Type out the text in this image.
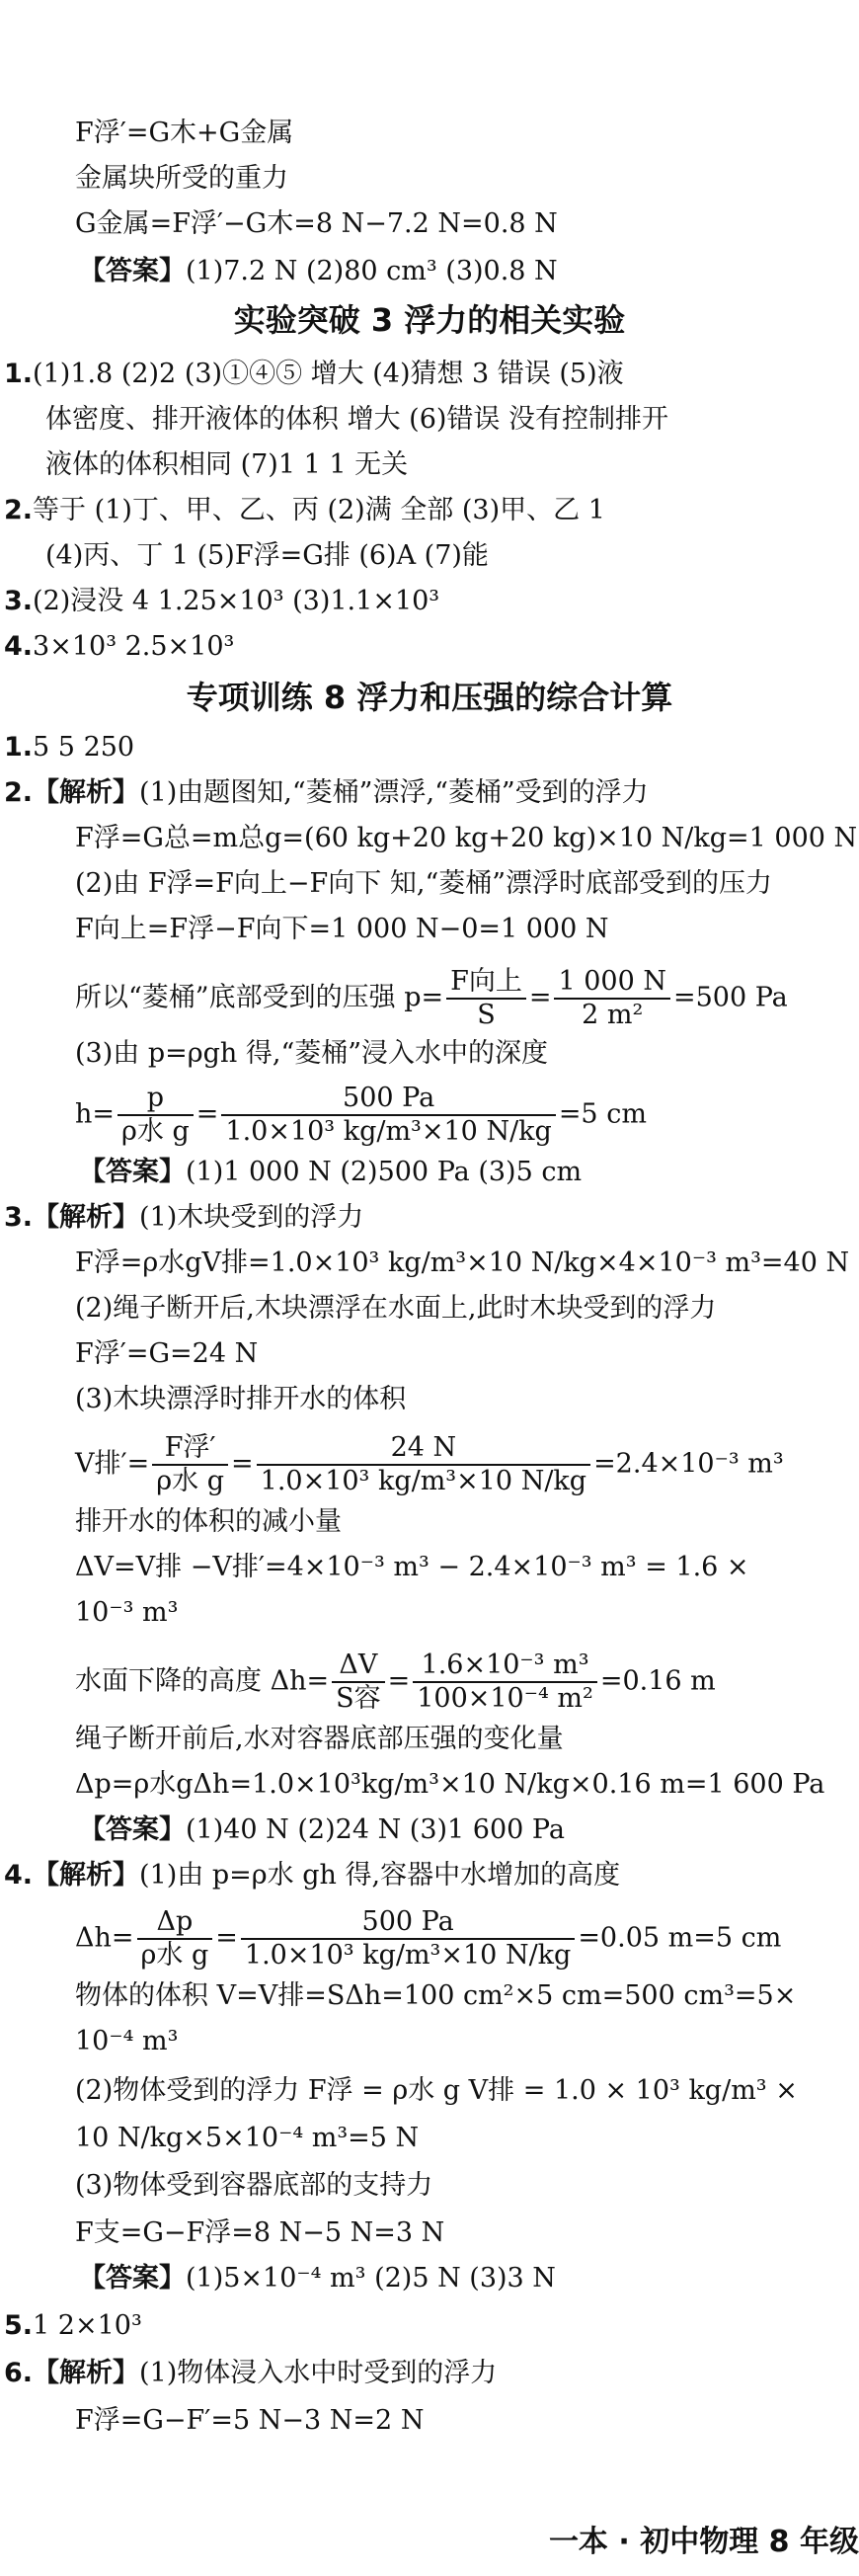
F浮′=G木+G金属
金属块所受的重力
G金属=F浮′−G木=8 N−7.2 N=0.8 N
【答案】(1)7.2 N (2)80 cm³ (3)0.8 N
实验突破 3 浮力的相关实验
1.(1)1.8 (2)2 (3)①④⑤ 增大 (4)猜想 3 错误 (5)液
体密度、排开液体的体积 增大 (6)错误 没有控制排开
液体的体积相同 (7)1 1 1 无关
2.等于 (1)丁、甲、乙、丙 (2)满 全部 (3)甲、乙 1
(4)丙、丁 1 (5)F浮=G排 (6)A (7)能
3.(2)浸没 4 1.25×10³ (3)1.1×10³
4.3×10³ 2.5×10³
专项训练 8 浮力和压强的综合计算
1.5 5 250
2.【解析】(1)由题图知,“菱桶”漂浮,“菱桶”受到的浮力
F浮=G总=m总g=(60 kg+20 kg+20 kg)×10 N/kg=1 000 N
(2)由 F浮=F向上−F向下 知,“菱桶”漂浮时底部受到的压力
F向上=F浮−F向下=1 000 N−0=1 000 N
所以“菱桶”底部受到的压强 $p= \frac{\text{F向上}}{S} = \frac{1 000 N}{\text{2 m²}} =500$ Pa
(3)由 p=ρgh 得,“菱桶”浸入水中的深度
$h= \frac{p}{\text{ρ水 g}} = \frac{500 Pa}{\text{1.0×10³ kg/m³×10 N/kg}} =5$ cm
【答案】(1)1 000 N (2)500 Pa (3)5 cm
3.【解析】(1)木块受到的浮力
F浮=ρ水gV排=1.0×10³ kg/m³×10 N/kg×4×10⁻³ m³=40 N
(2)绳子断开后,木块漂浮在水面上,此时木块受到的浮力
F浮′=G=24 N
(3)木块漂浮时排开水的体积
V排′= $\frac{\text{F浮′}}{\text{ρ水 g}} = \frac{24 N}{\text{1.0×10³ kg/m³×10 N/kg}} =2.4\times 10^{-3}$ m³
排开水的体积的减小量
ΔV=V排 −V排′=4×10⁻³ m³ − 2.4×10⁻³ m³ = 1.6 ×
10⁻³ m³
水面下降的高度 $\Delta h= \frac{\Delta V}{\text{S容}} = \frac{\text{1.6×10⁻³ m³}}{\text{100×10⁻⁴ m²}} =0.16$ m
绳子断开前后,水对容器底部压强的变化量
Δp=ρ水gΔh=1.0×10³kg/m³×10 N/kg×0.16 m=1 600 Pa
【答案】(1)40 N (2)24 N (3)1 600 Pa
4.【解析】(1)由 p=ρ水 gh 得,容器中水增加的高度
$\Delta h= \frac{\Delta p}{\text{ρ水 g}} = \frac{500 Pa}{\text{1.0×10³ kg/m³×10 N/kg}} =0.05$ m=5 cm
物体的体积 V=V排=SΔh=100 cm²×5 cm=500 cm³=5×
10⁻⁴ m³
(2)物体受到的浮力 F浮 = ρ水 g V排 = 1.0 × 10³ kg/m³ ×
10 N/kg×5×10⁻⁴ m³=5 N
(3)物体受到容器底部的支持力
F支=G−F浮=8 N−5 N=3 N
【答案】(1)5×10⁻⁴ m³ (2)5 N (3)3 N
5.1 2×10³
6.【解析】(1)物体浸入水中时受到的浮力
F浮=G−F′=5 N−3 N=2 N
一本 · 初中物理 8 年级
